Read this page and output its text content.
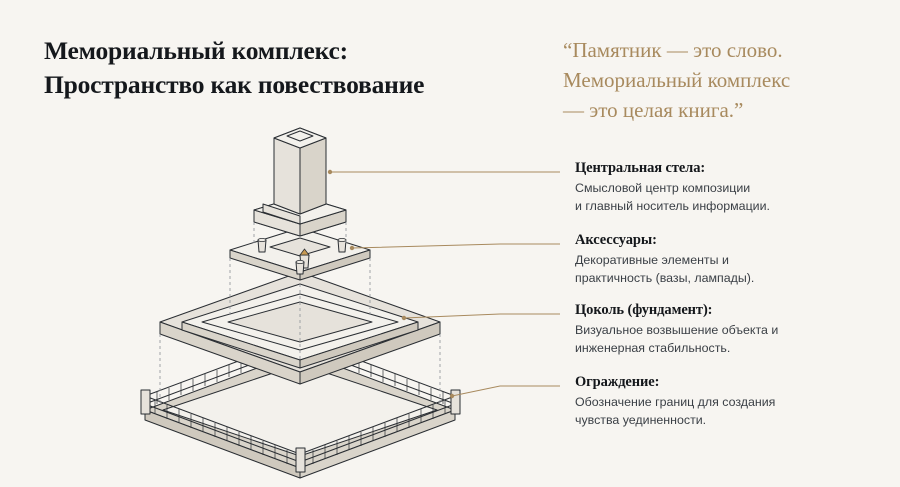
Мемориальный комплекс:
Пространство как повествование
“Памятник — это слово.
Мемориальный комплекс
— это целая книга.”
Центральная стела:
Смысловой центр композиции
и главный носитель информации.
Аксессуары:
Декоративные элементы и
практичность (вазы, лампады).
Цоколь (фундамент):
Визуальное возвышение объекта и
инженерная стабильность.
Ограждение:
Обозначение границ для создания
чувства уединенности.
